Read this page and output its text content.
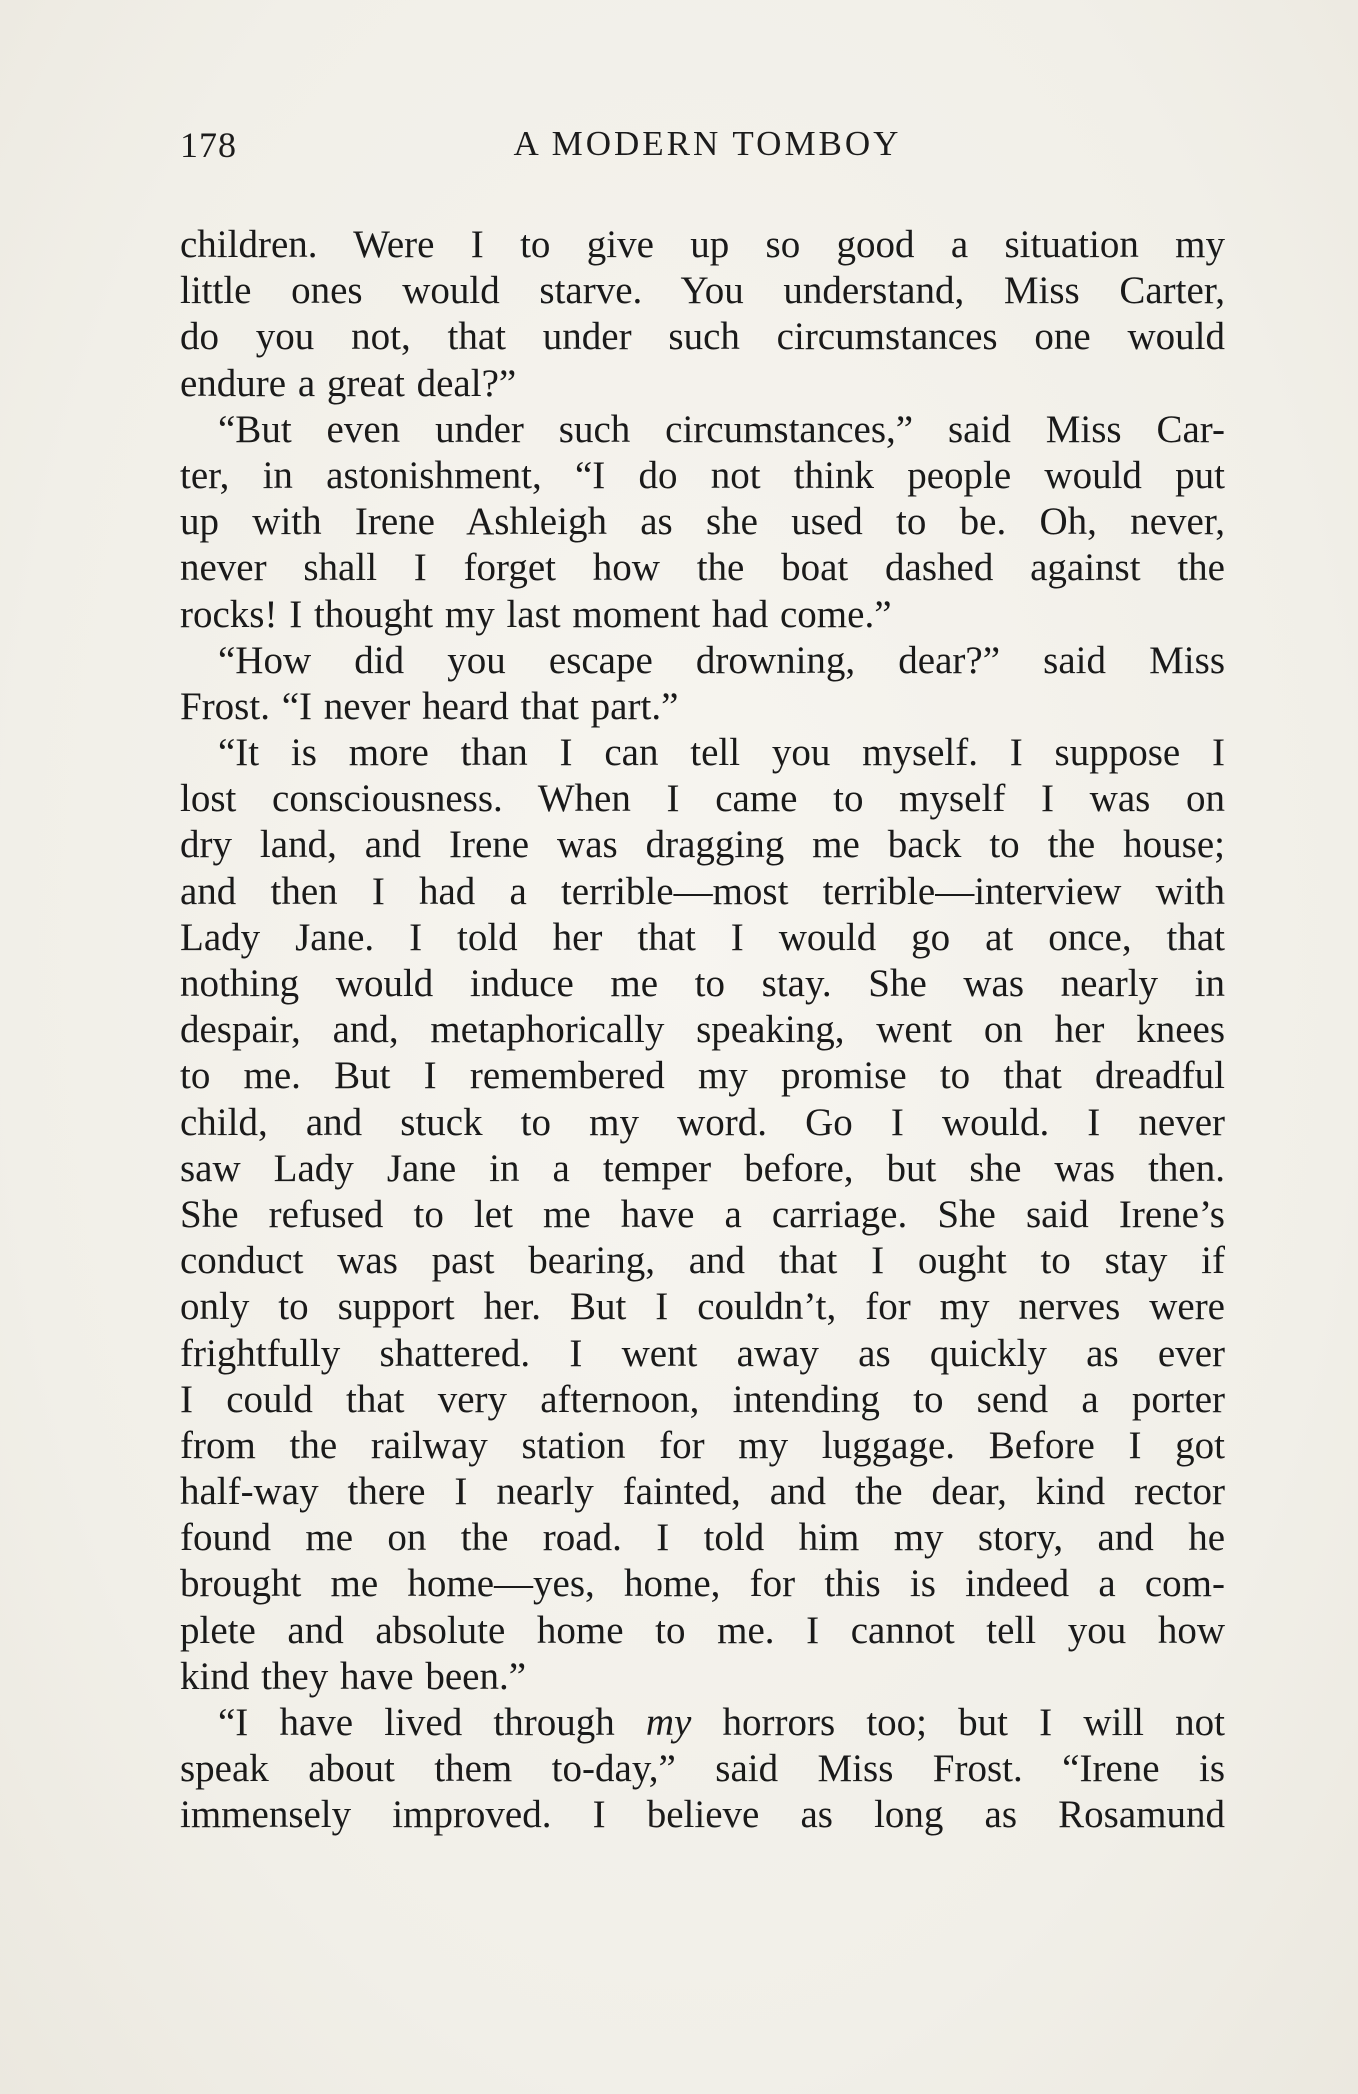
178	A MODERN TOMBOY
children. Were I to give up so good a situation my
little ones would starve. You understand, Miss Carter,
do you not, that under such circumstances one would
endure a great deal?”
“But even under such circumstances,” said Miss Car-
ter, in astonishment, “I do not think people would put
up with Irene Ashleigh as she used to be. Oh, never,
never shall I forget how the boat dashed against the
rocks! I thought my last moment had come.”
“How did you escape drowning, dear?” said Miss
Frost. “I never heard that part.”
“It is more than I can tell you myself. I suppose I
lost consciousness. When I came to myself I was on
dry land, and Irene was dragging me back to the house;
and then I had a terrible—most terrible—interview with
Lady Jane. I told her that I would go at once, that
nothing would induce me to stay. She was nearly in
despair, and, metaphorically speaking, went on her knees
to me. But I remembered my promise to that dreadful
child, and stuck to my word. Go I would. I never
saw Lady Jane in a temper before, but she was then.
She refused to let me have a carriage. She said Irene’s
conduct was past bearing, and that I ought to stay if
only to support her. But I couldn’t, for my nerves were
frightfully shattered. I went away as quickly as ever
I could that very afternoon, intending to send a porter
from the railway station for my luggage. Before I got
half-way there I nearly fainted, and the dear, kind rector
found me on the road. I told him my story, and he
brought me home—yes, home, for this is indeed a com-
plete and absolute home to me. I cannot tell you how
kind they have been.”
“I have lived through my horrors too; but I will not
speak about them to-day,” said Miss Frost. “Irene is
immensely improved. I believe as long as Rosamund
